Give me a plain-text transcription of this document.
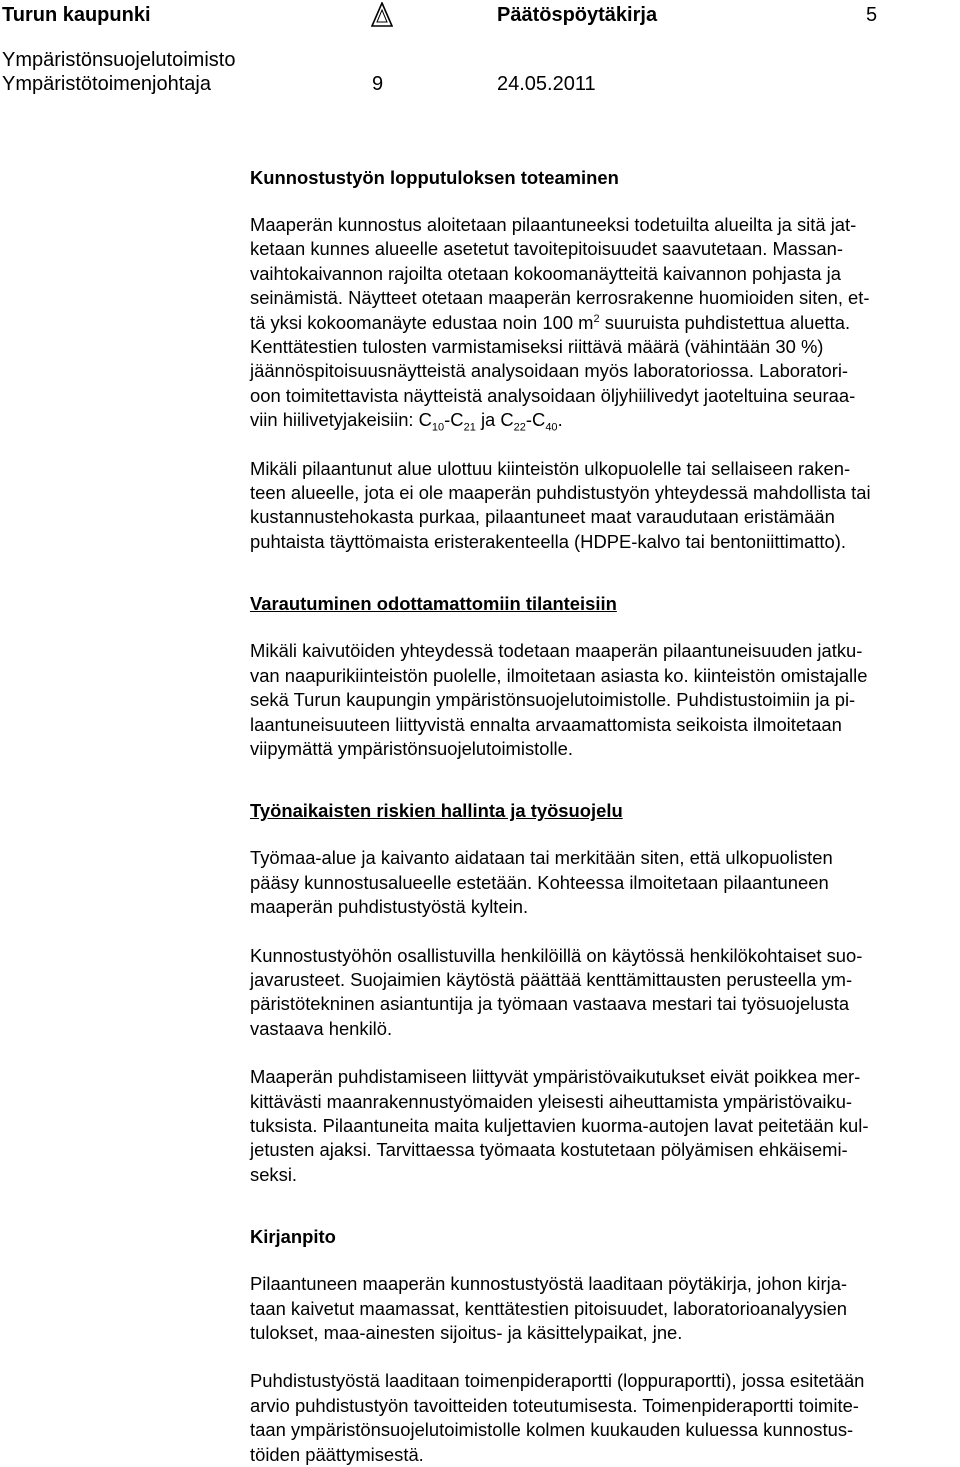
Turun kaupunki	Päätöspöytäkirja	5
Ympäristönsuojelutoimisto
Ympäristötoimenjohtaja	9	24.05.2011
Kunnostustyön lopputuloksen toteaminen

Maaperän kunnostus aloitetaan pilaantuneeksi todetuilta alueilta ja sitä jat-
ketaan kunnes alueelle asetetut tavoitepitoisuudet saavutetaan. Massan-
vaihtokaivannon rajoilta otetaan kokoomanäytteitä kaivannon pohjasta ja
seinämistä. Näytteet otetaan maaperän kerrosrakenne huomioiden siten, et-
tä yksi kokoomanäyte edustaa noin 100 $m^2$ suuruista puhdistettua aluetta.
Kenttätestien tulosten varmistamiseksi riittävä määrä (vähintään 30 %)
jäännöspitoisuusnäytteistä analysoidaan myös laboratoriossa. Laboratori-
oon toimitettavista näytteistä analysoidaan öljyhiilivedyt jaoteltuina seuraa-
viin hiilivetyjakeisiin: $C_{10}-C_{21}$ ja $C_{22}-C_{40}$.

Mikäli pilaantunut alue ulottuu kiinteistön ulkopuolelle tai sellaiseen raken-
teen alueelle, jota ei ole maaperän puhdistustyön yhteydessä mahdollista tai
kustannustehokasta purkaa, pilaantuneet maat varaudutaan eristämään
puhtaista täyttömaista eristerakenteella (HDPE-kalvo tai bentoniittimatto).

Varautuminen odottamattomiin tilanteisiin

Mikäli kaivutöiden yhteydessä todetaan maaperän pilaantuneisuuden jatku-
van naapurikiinteistön puolelle, ilmoitetaan asiasta ko. kiinteistön omistajalle
sekä Turun kaupungin ympäristönsuojelutoimistolle. Puhdistustoimiin ja pi-
laantuneisuuteen liittyvistä ennalta arvaamattomista seikoista ilmoitetaan
viipymättä ympäristönsuojelutoimistolle.

Työnaikaisten riskien hallinta ja työsuojelu

Työmaa-alue ja kaivanto aidataan tai merkitään siten, että ulkopuolisten
pääsy kunnostusalueelle estetään. Kohteessa ilmoitetaan pilaantuneen
maaperän puhdistustyöstä kyltein.

Kunnostustyöhön osallistuvilla henkilöillä on käytössä henkilökohtaiset suo-
javarusteet. Suojaimien käytöstä päättää kenttämittausten perusteella ym-
päristötekninen asiantuntija ja työmaan vastaava mestari tai työsuojelusta
vastaava henkilö.

Maaperän puhdistamiseen liittyvät ympäristövaikutukset eivät poikkea mer-
kittävästi maanrakennustyömaiden yleisesti aiheuttamista ympäristövaiku-
tuksista. Pilaantuneita maita kuljettavien kuorma-autojen lavat peitetään kul-
jetusten ajaksi. Tarvittaessa työmaata kostutetaan pölyämisen ehkäisemi-
seksi.

Kirjanpito

Pilaantuneen maaperän kunnostustyöstä laaditaan pöytäkirja, johon kirja-
taan kaivetut maamassat, kenttätestien pitoisuudet, laboratorioanalyysien
tulokset, maa-ainesten sijoitus- ja käsittelypaikat, jne.

Puhdistustyöstä laaditaan toimenpideraportti (loppuraportti), jossa esitetään
arvio puhdistustyön tavoitteiden toteutumisesta. Toimenpideraportti toimite-
taan ympäristönsuojelutoimistolle kolmen kuukauden kuluessa kunnostus-
töiden päättymisestä.
